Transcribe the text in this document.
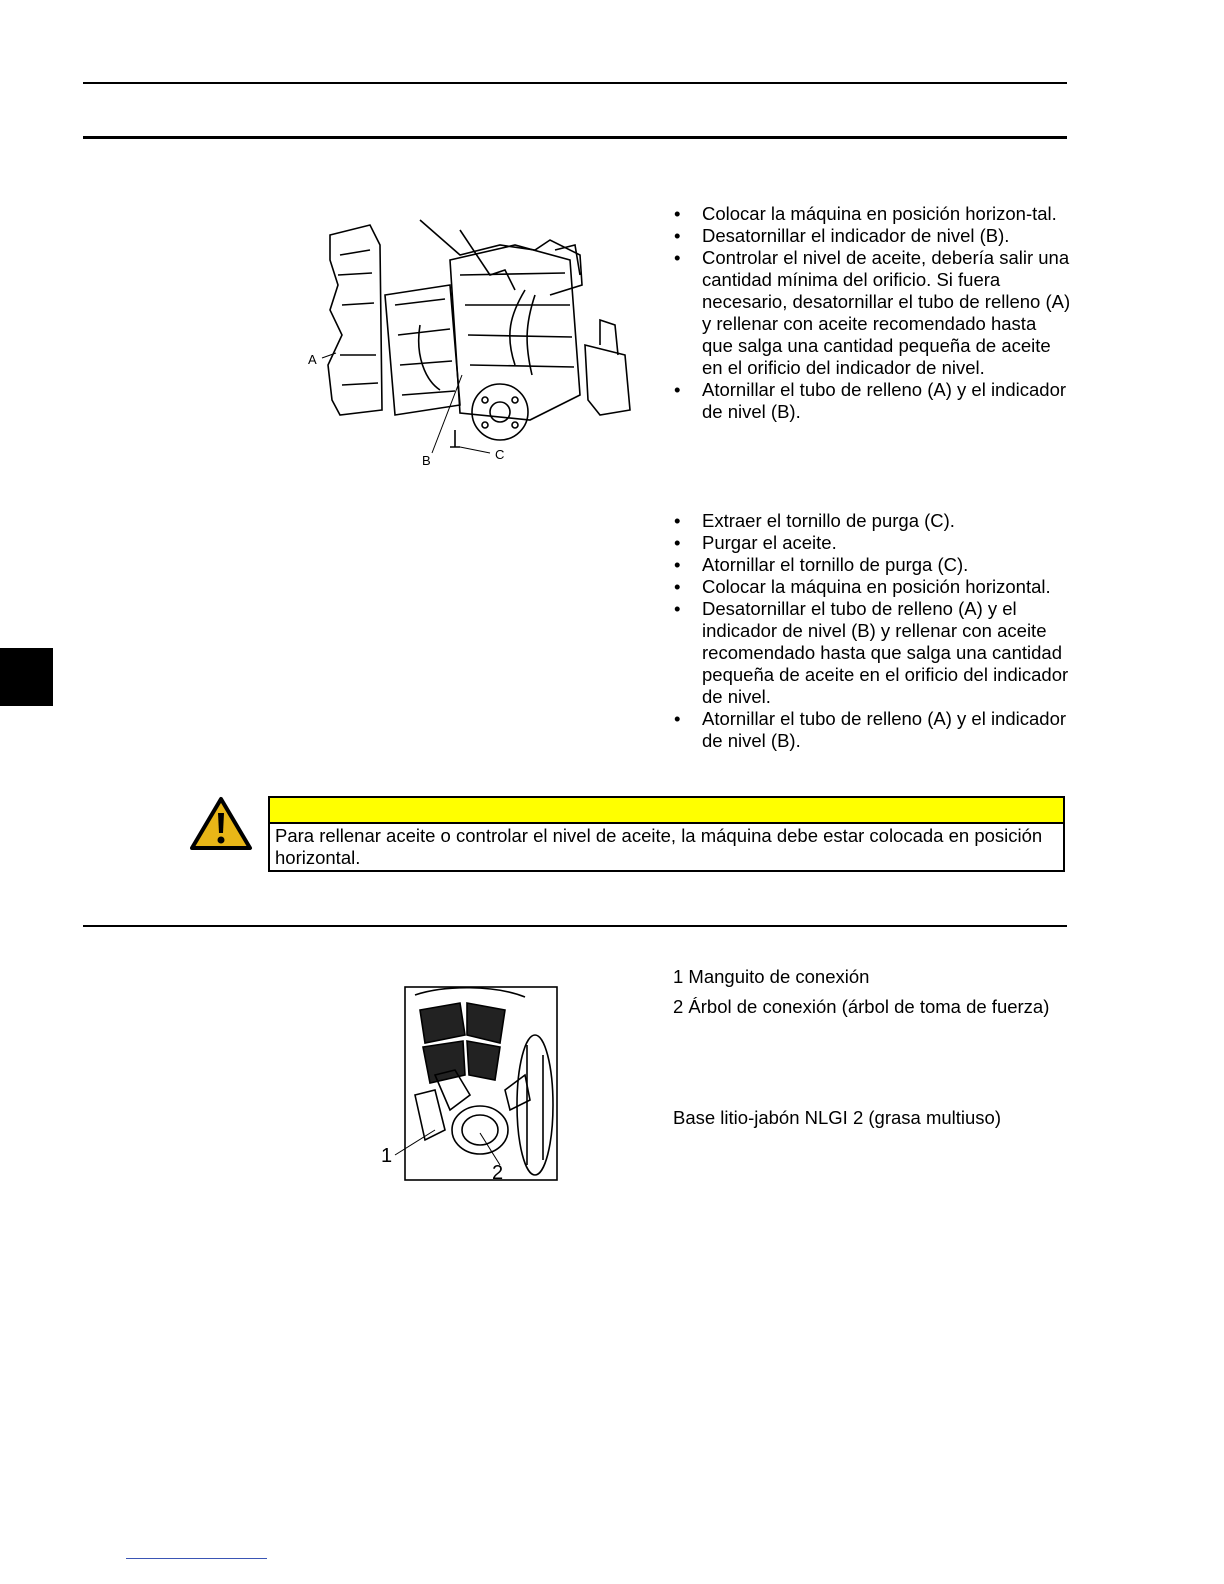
A
B	C
• Colocar la máquina en posición horizon-tal.
• Desatornillar el indicador de nivel (B).
• Controlar el nivel de aceite, debería salir una cantidad mínima del orificio. Si fuera necesario, desatornillar el tubo de relleno (A) y rellenar con aceite recomendado hasta que salga una cantidad pequeña de aceite en el orificio del indicador de nivel.
• Atornillar el tubo de relleno (A) y el indicador de nivel (B).
• Extraer el tornillo de purga (C).
• Purgar el aceite.
• Atornillar el tornillo de purga (C).
• Colocar la máquina en posición horizontal.
• Desatornillar el tubo de relleno (A) y el indicador de nivel (B) y rellenar con aceite recomendado hasta que salga una cantidad pequeña de aceite en el orificio del indicador de nivel.
• Atornillar el tubo de relleno (A) y el indicador de nivel (B).
Para rellenar aceite o controlar el nivel de aceite, la máquina debe estar colocada en posición horizontal.
1
2
1 Manguito de conexión
2 Árbol de conexión (árbol de toma de fuerza)
Base litio-jabón NLGI 2 (grasa multiuso)
